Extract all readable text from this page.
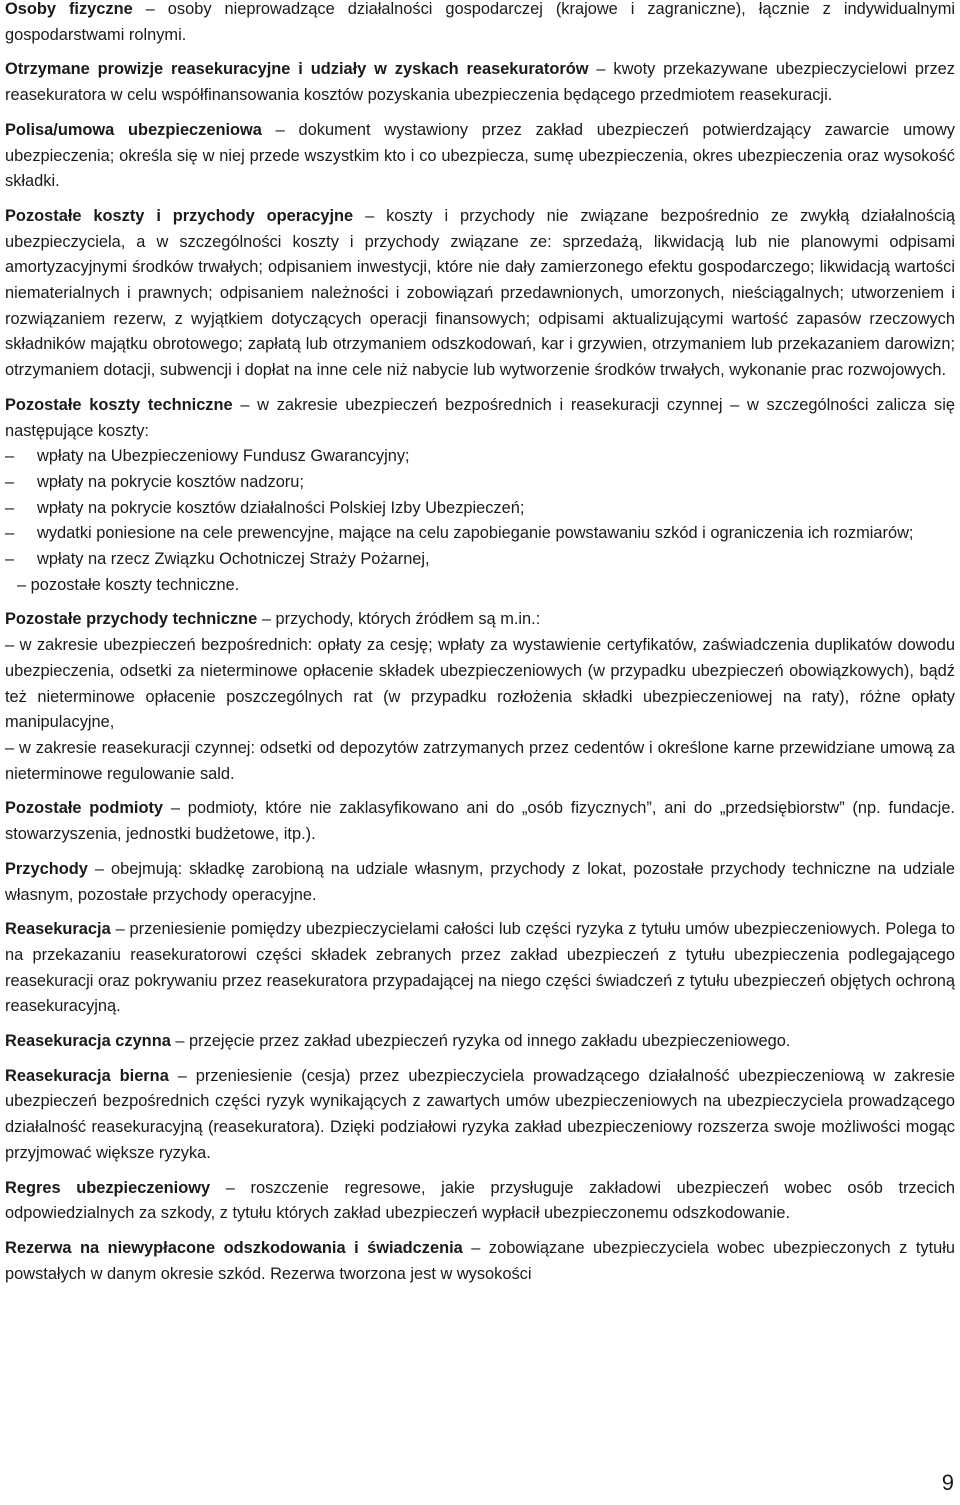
Osoby fizyczne – osoby nieprowadzące działalności gospodarczej (krajowe i zagraniczne), łącznie z indywidualnymi gospodarstwami rolnymi.

Otrzymane prowizje reasekuracyjne i udziały w zyskach reasekuratorów – kwoty przekazywane ubezpieczycielowi przez reasekuratora w celu współfinansowania kosztów pozyskania ubezpieczenia będącego przedmiotem reasekuracji.

Polisa/umowa ubezpieczeniowa – dokument wystawiony przez zakład ubezpieczeń potwierdzający zawarcie umowy ubezpieczenia; określa się w niej przede wszystkim kto i co ubezpiecza, sumę ubezpieczenia, okres ubezpieczenia oraz wysokość składki.

Pozostałe koszty i przychody operacyjne – koszty i przychody nie związane bezpośrednio ze zwykłą działalnością ubezpieczyciela, a w szczególności koszty i przychody związane ze: sprzedażą, likwidacją lub nie planowymi odpisami amortyzacyjnymi środków trwałych; odpisaniem inwestycji, które nie dały zamierzonego efektu gospodarczego; likwidacją wartości niematerialnych i prawnych; odpisaniem należności i zobowiązań przedawnionych, umorzonych, nieściągalnych; utworzeniem i rozwiązaniem rezerw, z wyjątkiem dotyczących operacji finansowych; odpisami aktualizującymi wartość zapasów rzeczowych składników majątku obrotowego; zapłatą lub otrzymaniem odszkodowań, kar i grzywien, otrzymaniem lub przekazaniem darowizn; otrzymaniem dotacji, subwencji i dopłat na inne cele niż nabycie lub wytworzenie środków trwałych, wykonanie prac rozwojowych.

Pozostałe koszty techniczne – w zakresie ubezpieczeń bezpośrednich i reasekuracji czynnej – w szczególności zalicza się następujące koszty:

– wpłaty na Ubezpieczeniowy Fundusz Gwarancyjny;
– wpłaty na pokrycie kosztów nadzoru;
– wpłaty na pokrycie kosztów działalności Polskiej Izby Ubezpieczeń;
– wydatki poniesione na cele prewencyjne, mające na celu zapobieganie powstawaniu szkód i ograniczenia ich rozmiarów;
– wpłaty na rzecz Związku Ochotniczej Straży Pożarnej,
– pozostałe koszty techniczne.

Pozostałe przychody techniczne – przychody, których źródłem są m.in.:

– w zakresie ubezpieczeń bezpośrednich: opłaty za cesję; wpłaty za wystawienie certyfikatów, zaświadczenia duplikatów dowodu ubezpieczenia, odsetki za nieterminowe opłacenie składek ubezpieczeniowych (w przypadku ubezpieczeń obowiązkowych), bądź też nieterminowe opłacenie poszczególnych rat (w przypadku rozłożenia składki ubezpieczeniowej na raty), różne opłaty manipulacyjne,

– w zakresie reasekuracji czynnej: odsetki od depozytów zatrzymanych przez cedentów i określone karne przewidziane umową za nieterminowe regulowanie sald.

Pozostałe podmioty – podmioty, które nie zaklasyfikowano ani do „osób fizycznych”, ani do „przedsiębiorstw” (np. fundacje. stowarzyszenia, jednostki budżetowe, itp.).

Przychody – obejmują: składkę zarobioną na udziale własnym, przychody z lokat, pozostałe przychody techniczne na udziale własnym, pozostałe przychody operacyjne.

Reasekuracja – przeniesienie pomiędzy ubezpieczycielami całości lub części ryzyka z tytułu umów ubezpieczeniowych. Polega to na przekazaniu reasekuratorowi części składek zebranych przez zakład ubezpieczeń z tytułu ubezpieczenia podlegającego reasekuracji oraz pokrywaniu przez reasekuratora przypadającej na niego części świadczeń z tytułu ubezpieczeń objętych ochroną reasekuracyjną.

Reasekuracja czynna – przejęcie przez zakład ubezpieczeń ryzyka od innego zakładu ubezpieczeniowego.

Reasekuracja bierna – przeniesienie (cesja) przez ubezpieczyciela prowadzącego działalność ubezpieczeniową w zakresie ubezpieczeń bezpośrednich części ryzyk wynikających z zawartych umów ubezpieczeniowych na ubezpieczyciela prowadzącego działalność reasekuracyjną (reasekuratora). Dzięki podziałowi ryzyka zakład ubezpieczeniowy rozszerza swoje możliwości mogąc przyjmować większe ryzyka.

Regres ubezpieczeniowy – roszczenie regresowe, jakie przysługuje zakładowi ubezpieczeń wobec osób trzecich odpowiedzialnych za szkody, z tytułu których zakład ubezpieczeń wypłacił ubezpieczonemu odszkodowanie.

Rezerwa na niewypłacone odszkodowania i świadczenia – zobowiązane ubezpieczyciela wobec ubezpieczonych z tytułu powstałych w danym okresie szkód. Rezerwa tworzona jest w wysokości

9
